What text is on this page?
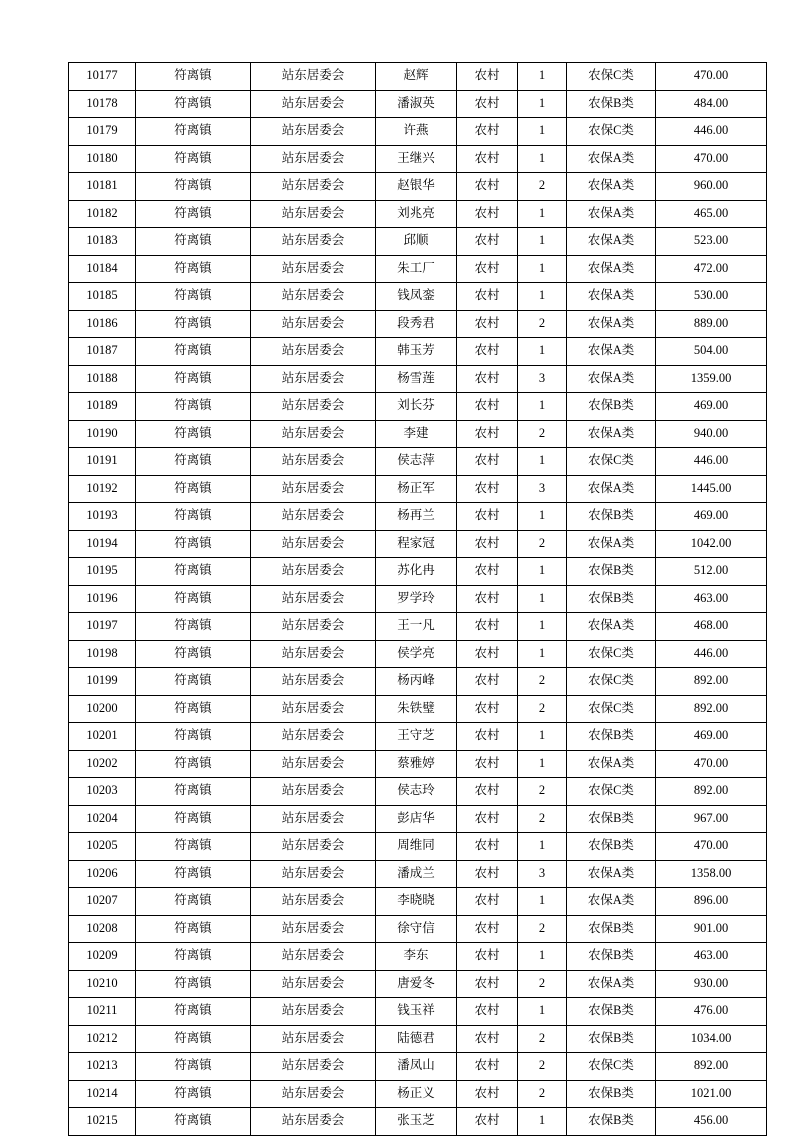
10177	符离镇	站东居委会	赵辉	农村	1	农保C类	470.00
10178	符离镇	站东居委会	潘淑英	农村	1	农保B类	484.00
10179	符离镇	站东居委会	许燕	农村	1	农保C类	446.00
10180	符离镇	站东居委会	王继兴	农村	1	农保A类	470.00
10181	符离镇	站东居委会	赵银华	农村	2	农保A类	960.00
10182	符离镇	站东居委会	刘兆亮	农村	1	农保A类	465.00
10183	符离镇	站东居委会	邱顺	农村	1	农保A类	523.00
10184	符离镇	站东居委会	朱工厂	农村	1	农保A类	472.00
10185	符离镇	站东居委会	钱凤銮	农村	1	农保A类	530.00
10186	符离镇	站东居委会	段秀君	农村	2	农保A类	889.00
10187	符离镇	站东居委会	韩玉芳	农村	1	农保A类	504.00
10188	符离镇	站东居委会	杨雪莲	农村	3	农保A类	1359.00
10189	符离镇	站东居委会	刘长芬	农村	1	农保B类	469.00
10190	符离镇	站东居委会	李建	农村	2	农保A类	940.00
10191	符离镇	站东居委会	侯志萍	农村	1	农保C类	446.00
10192	符离镇	站东居委会	杨正军	农村	3	农保A类	1445.00
10193	符离镇	站东居委会	杨再兰	农村	1	农保B类	469.00
10194	符离镇	站东居委会	程家冠	农村	2	农保A类	1042.00
10195	符离镇	站东居委会	苏化冉	农村	1	农保B类	512.00
10196	符离镇	站东居委会	罗学玲	农村	1	农保B类	463.00
10197	符离镇	站东居委会	王一凡	农村	1	农保A类	468.00
10198	符离镇	站东居委会	侯学亮	农村	1	农保C类	446.00
10199	符离镇	站东居委会	杨丙峰	农村	2	农保C类	892.00
10200	符离镇	站东居委会	朱铁璧	农村	2	农保C类	892.00
10201	符离镇	站东居委会	王守芝	农村	1	农保B类	469.00
10202	符离镇	站东居委会	蔡雅婷	农村	1	农保A类	470.00
10203	符离镇	站东居委会	侯志玲	农村	2	农保C类	892.00
10204	符离镇	站东居委会	彭店华	农村	2	农保B类	967.00
10205	符离镇	站东居委会	周维同	农村	1	农保B类	470.00
10206	符离镇	站东居委会	潘成兰	农村	3	农保A类	1358.00
10207	符离镇	站东居委会	李晓晓	农村	1	农保A类	896.00
10208	符离镇	站东居委会	徐守信	农村	2	农保B类	901.00
10209	符离镇	站东居委会	李东	农村	1	农保B类	463.00
10210	符离镇	站东居委会	唐爱冬	农村	2	农保A类	930.00
10211	符离镇	站东居委会	钱玉祥	农村	1	农保B类	476.00
10212	符离镇	站东居委会	陆德君	农村	2	农保B类	1034.00
10213	符离镇	站东居委会	潘凤山	农村	2	农保C类	892.00
10214	符离镇	站东居委会	杨正义	农村	2	农保B类	1021.00
10215	符离镇	站东居委会	张玉芝	农村	1	农保B类	456.00
